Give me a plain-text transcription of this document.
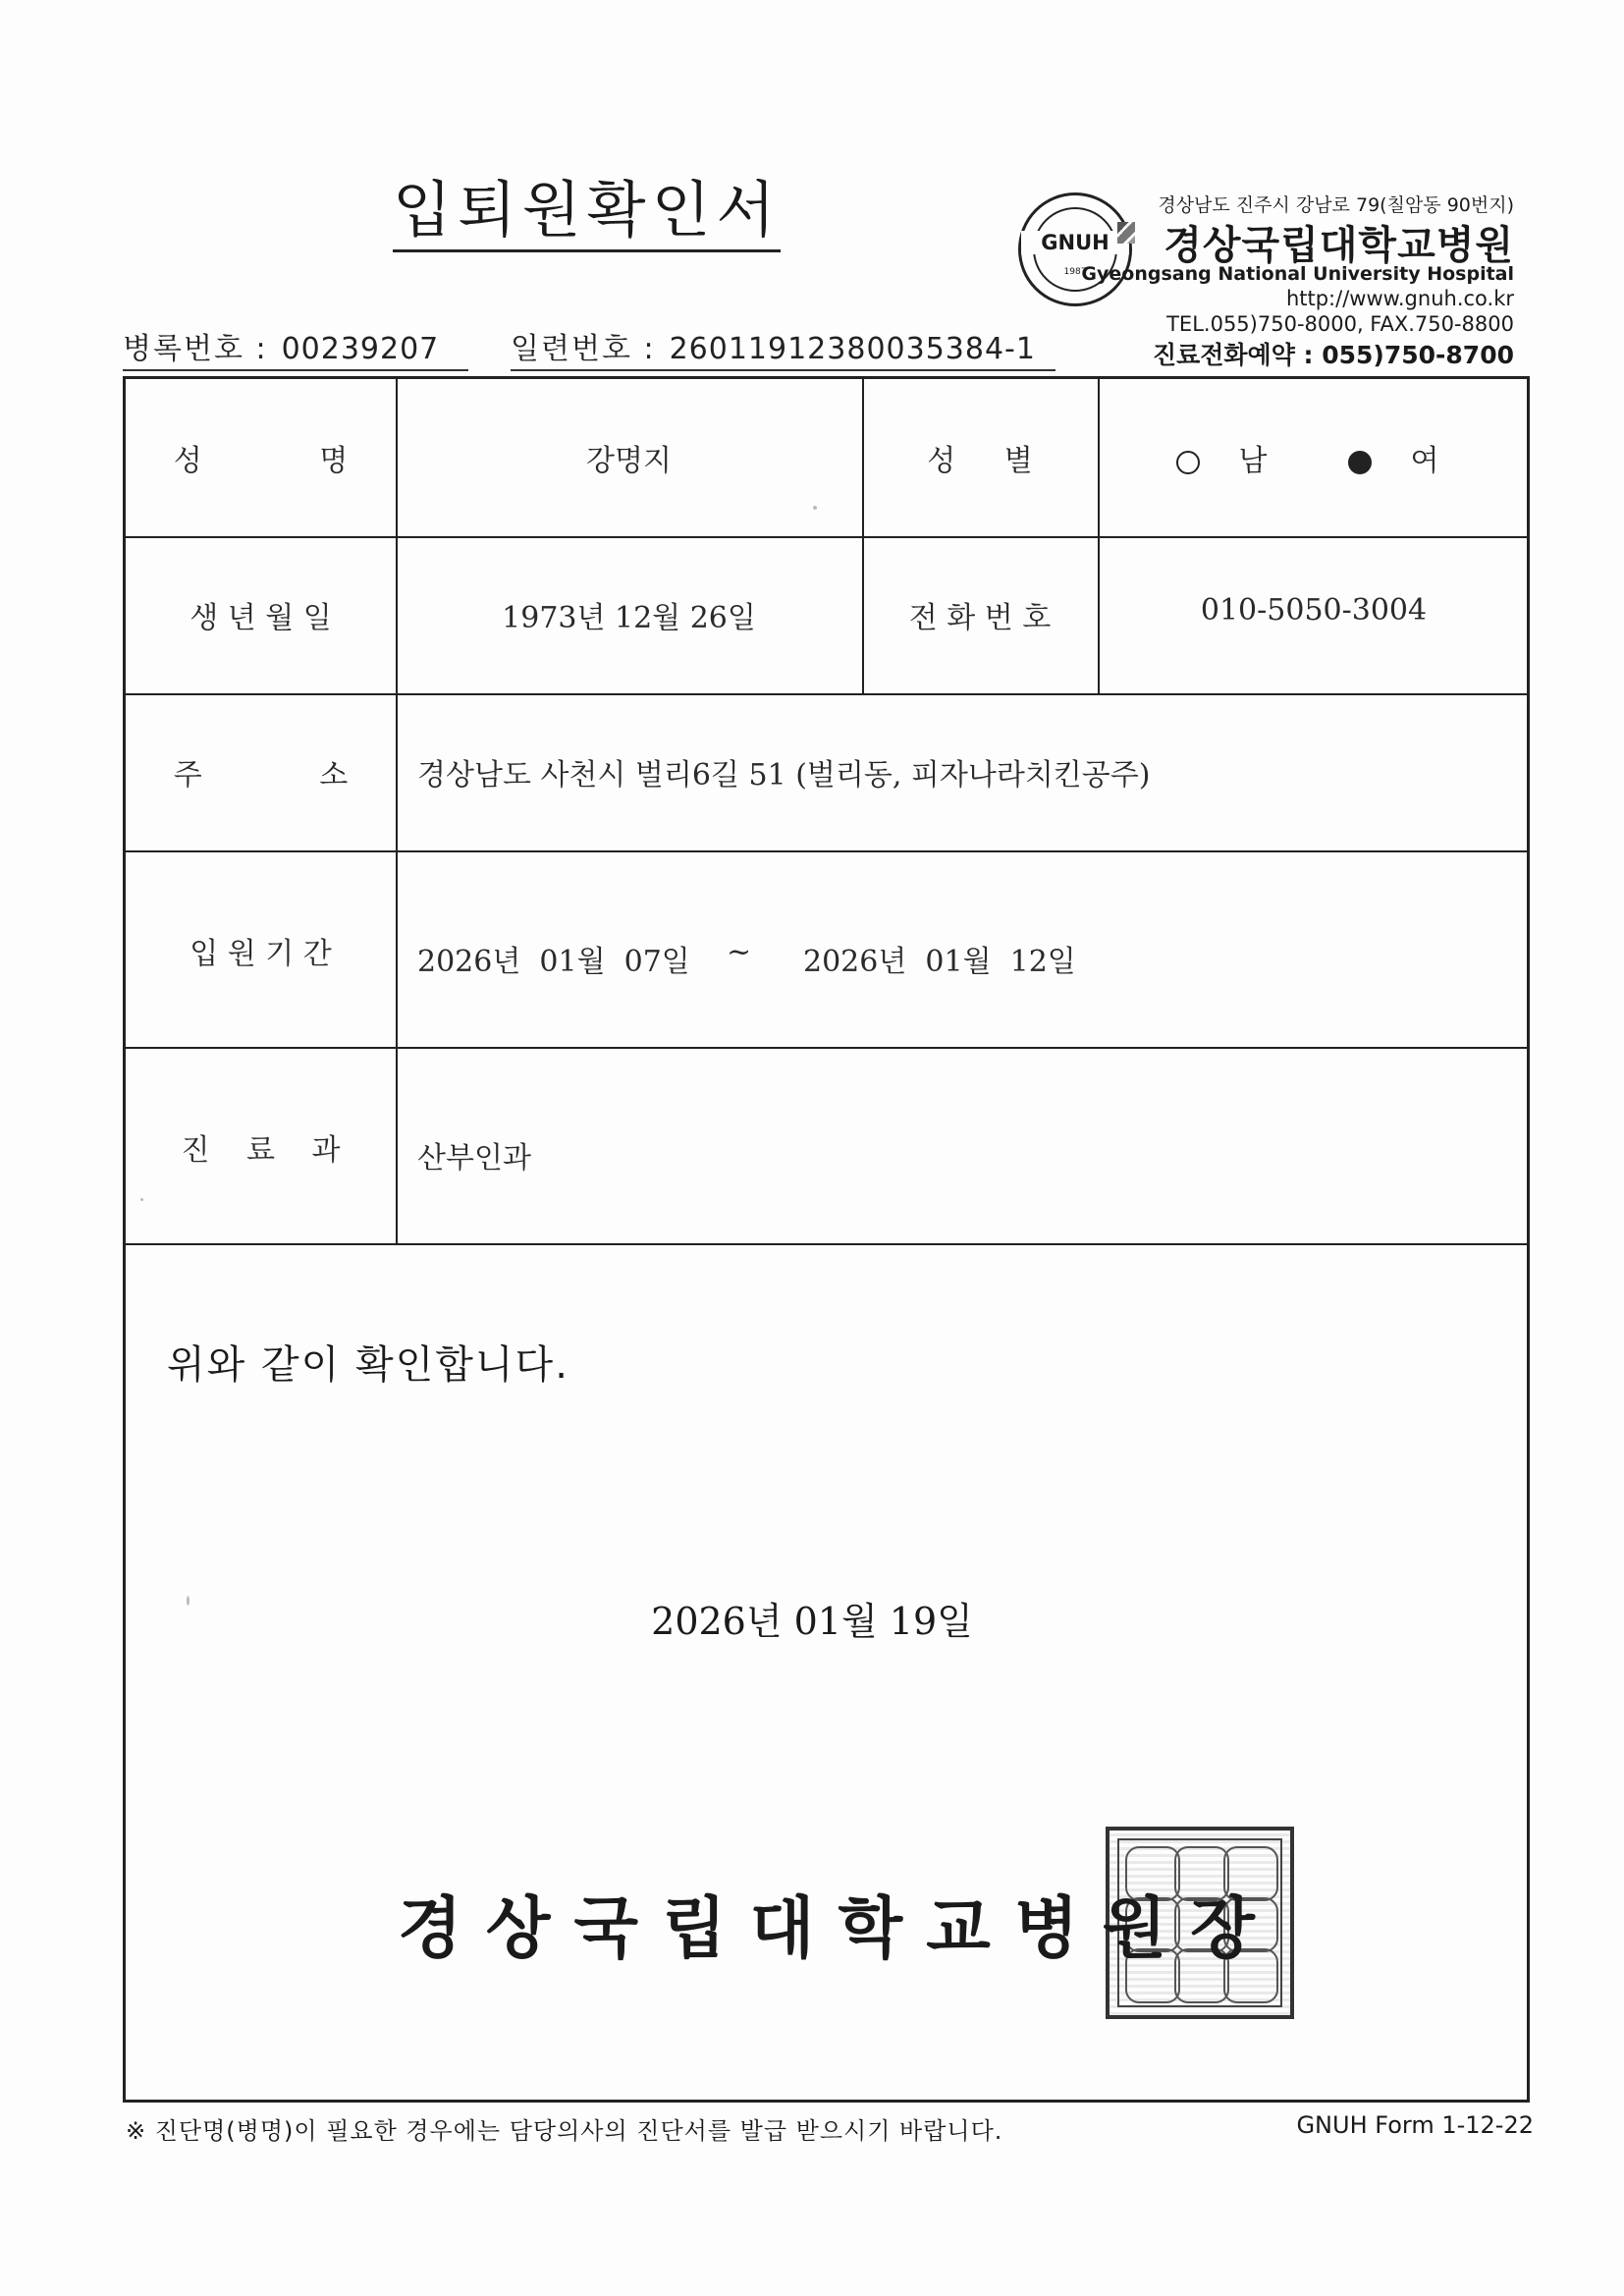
입퇴원확인서
병록번호 : 00239207	일련번호 : 26011912380035384-1
GNUH
1987
경상남도 진주시 강남로 79(칠암동 90번지)
경상국립대학교병원
Gyeongsang National University Hospital
http://www.gnuh.co.kr
TEL.055)750-8000, FAX.750-8800
진료전화예약 : 055)750-8700
성 명	강명지	성 별	남	여
생 년 월 일	1973년 12월 26일	전 화 번 호	010-5050-3004
주 소	경상남도 사천시 벌리6길 51 (벌리동, 피자나라치킨공주)
입 원 기 간	2026년  01월  07일 ~ 2026년  01월  12일
진 료 과	산부인과
위와 같이 확인합니다.
2026년 01월 19일
경상국립대학교병원장
※ 진단명(병명)이 필요한 경우에는 담당의사의 진단서를 발급 받으시기 바랍니다.	GNUH Form 1-12-22
